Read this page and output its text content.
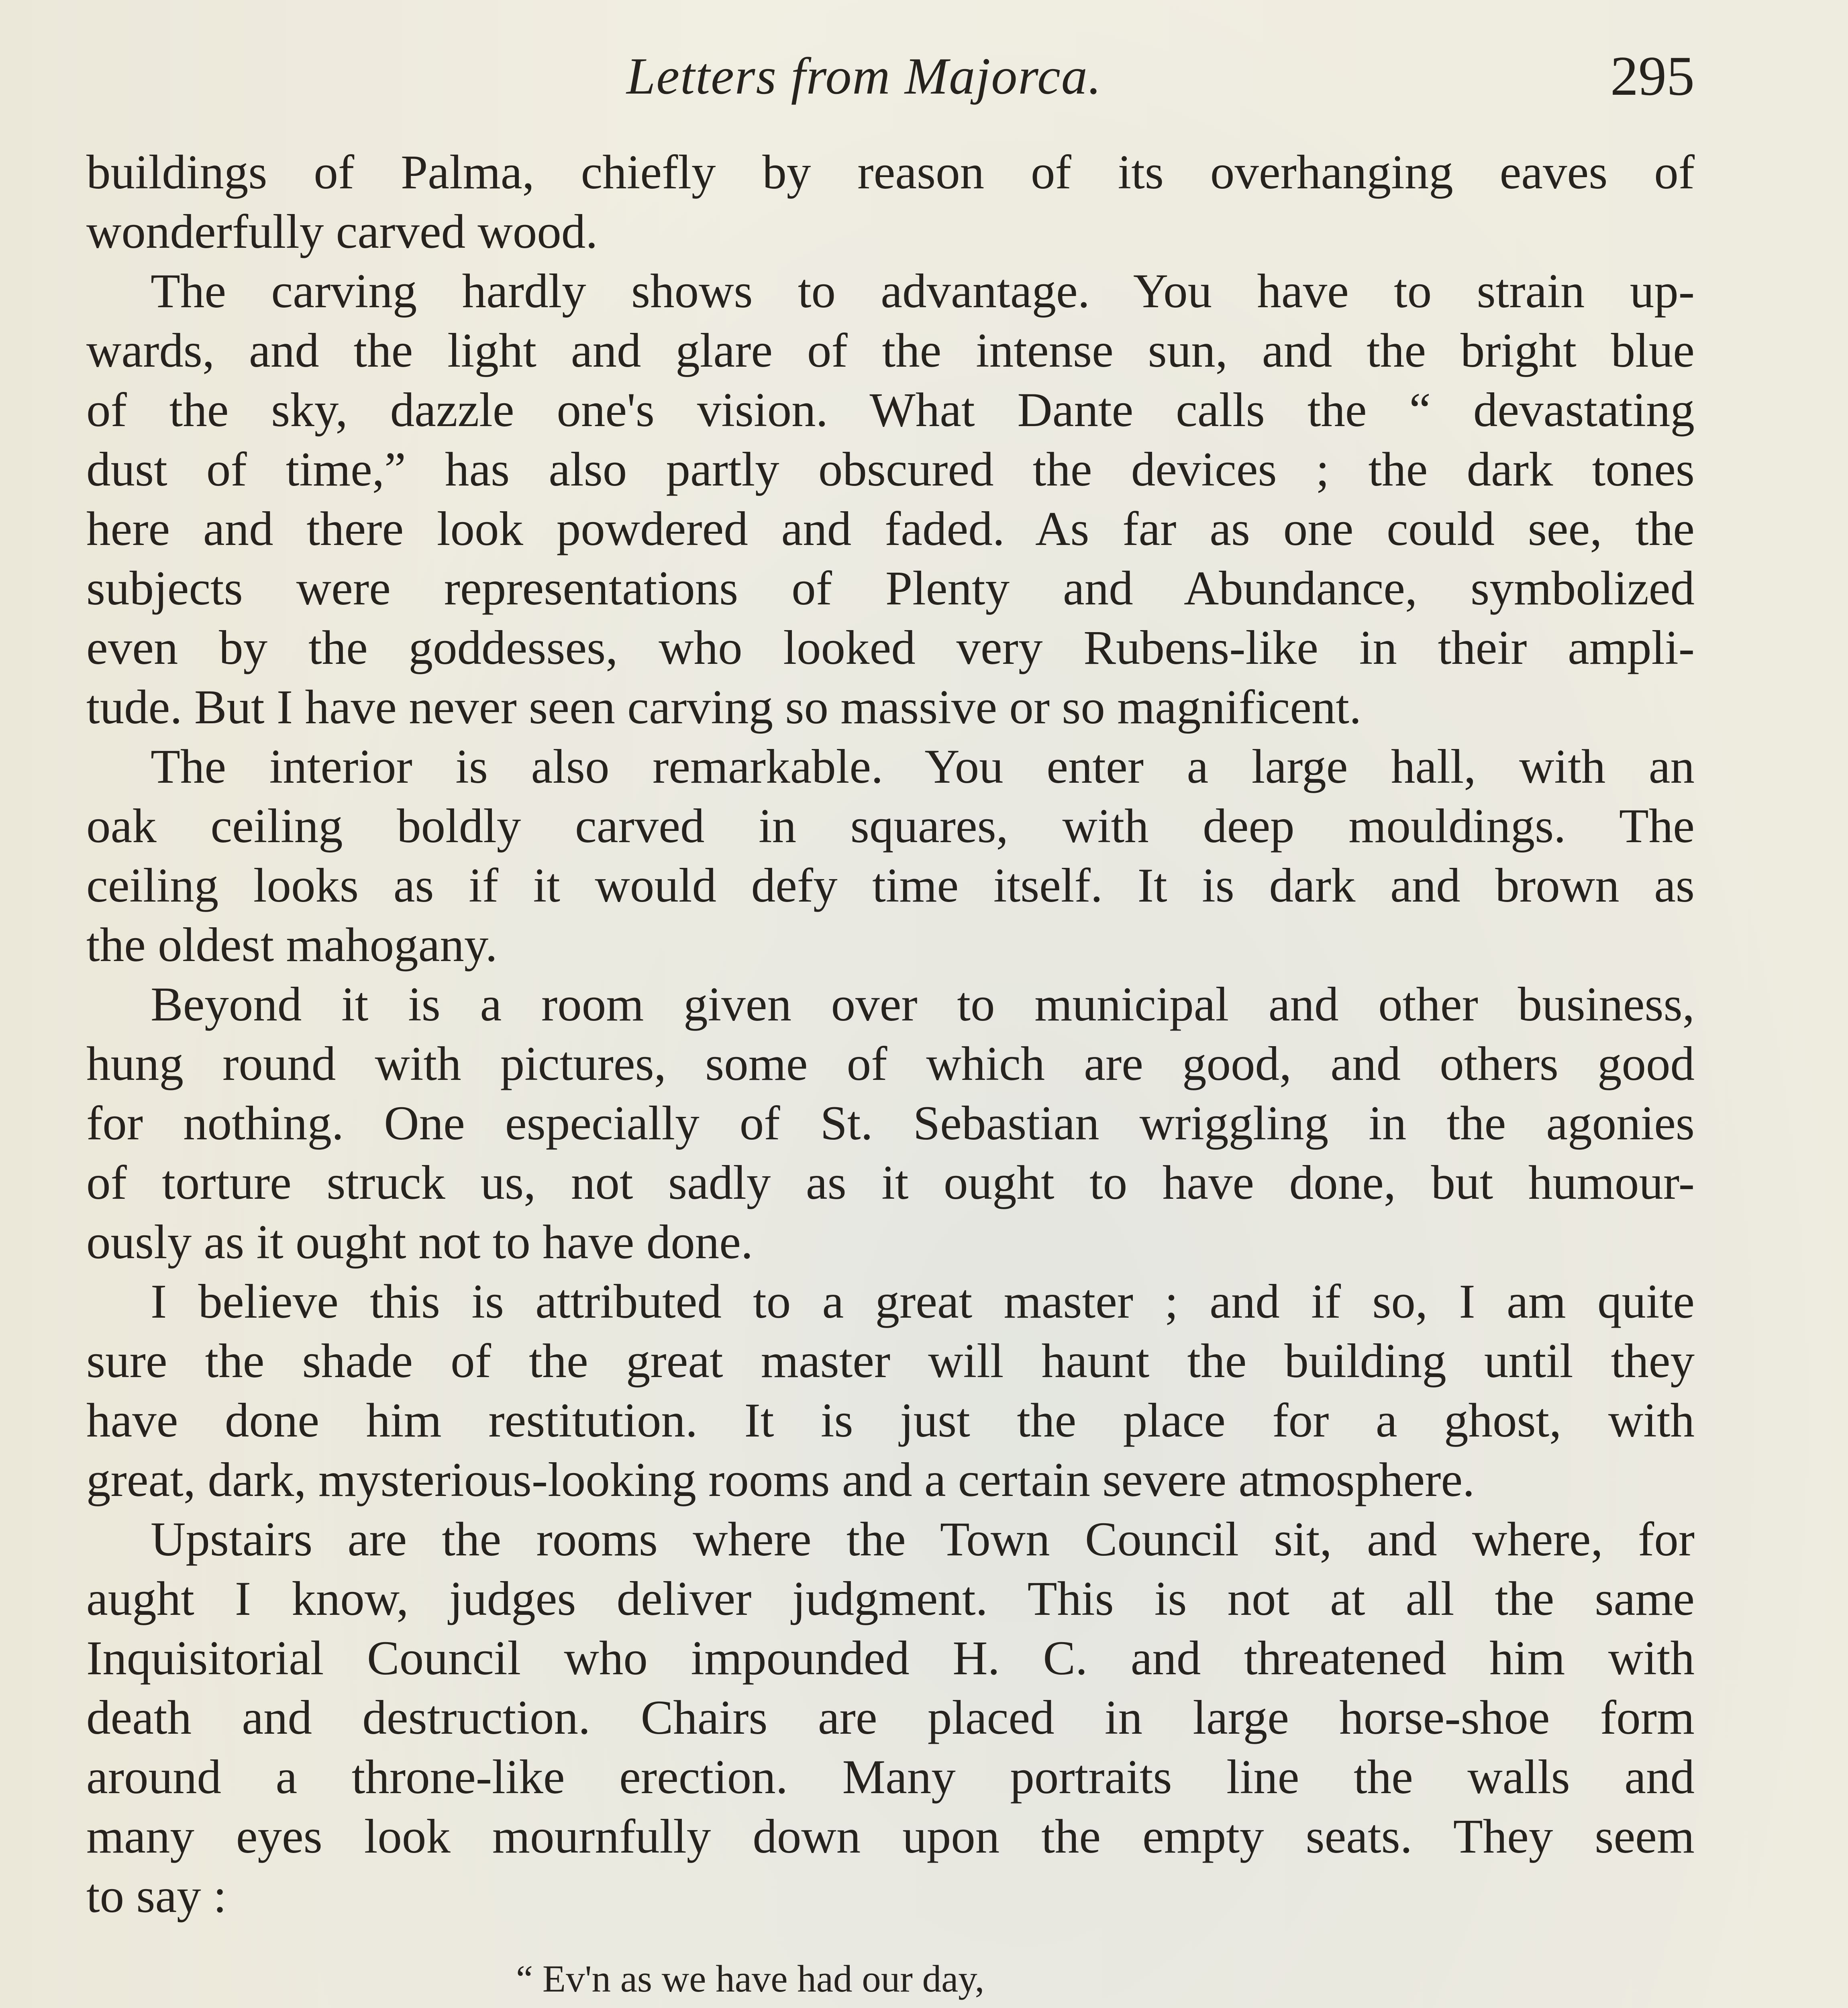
Letters from Majorca.	295

buildings of Palma, chiefly by reason of its overhanging eaves of
wonderfully carved wood.

The carving hardly shows to advantage. You have to strain up-
wards, and the light and glare of the intense sun, and the bright blue
of the sky, dazzle one's vision. What Dante calls the “ devastating
dust of time,” has also partly obscured the devices ; the dark tones
here and there look powdered and faded. As far as one could see, the
subjects were representations of Plenty and Abundance, symbolized
even by the goddesses, who looked very Rubens-like in their ampli-
tude. But I have never seen carving so massive or so magnificent.

The interior is also remarkable. You enter a large hall, with an
oak ceiling boldly carved in squares, with deep mouldings. The
ceiling looks as if it would defy time itself. It is dark and brown as
the oldest mahogany.

Beyond it is a room given over to municipal and other business,
hung round with pictures, some of which are good, and others good
for nothing. One especially of St. Sebastian wriggling in the agonies
of torture struck us, not sadly as it ought to have done, but humour-
ously as it ought not to have done.

I believe this is attributed to a great master ; and if so, I am quite
sure the shade of the great master will haunt the building until they
have done him restitution. It is just the place for a ghost, with
great, dark, mysterious-looking rooms and a certain severe atmosphere.

Upstairs are the rooms where the Town Council sit, and where, for
aught I know, judges deliver judgment. This is not at all the same
Inquisitorial Council who impounded H. C. and threatened him with
death and destruction. Chairs are placed in large horse-shoe form
around a throne-like erection. Many portraits line the walls and
many eyes look mournfully down upon the empty seats. They seem
to say :

“ Ev'n as we have had our day,
